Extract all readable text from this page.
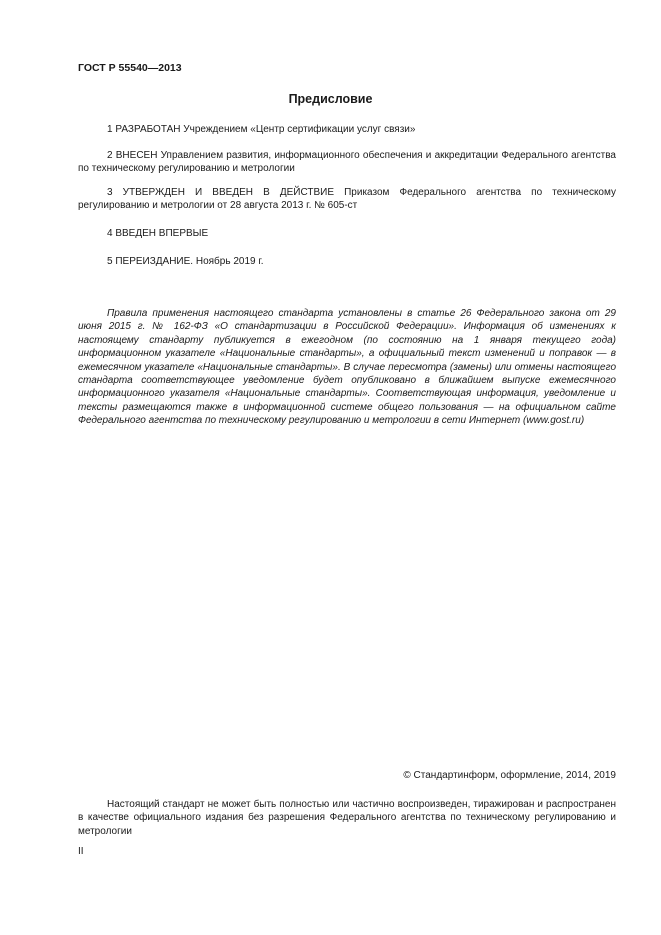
ГОСТ Р 55540—2013
Предисловие
1 РАЗРАБОТАН Учреждением «Центр сертификации услуг связи»
2 ВНЕСЕН Управлением развития, информационного обеспечения и аккредитации Федерального агентства по техническому регулированию и метрологии
3 УТВЕРЖДЕН И ВВЕДЕН В ДЕЙСТВИЕ Приказом Федерального агентства по техническому регулированию и метрологии от 28 августа 2013 г. № 605-ст
4 ВВЕДЕН ВПЕРВЫЕ
5 ПЕРЕИЗДАНИЕ. Ноябрь 2019 г.
Правила применения настоящего стандарта установлены в статье 26 Федерального закона от 29 июня 2015 г. № 162-ФЗ «О стандартизации в Российской Федерации». Информация об изменениях к настоящему стандарту публикуется в ежегодном (по состоянию на 1 января текущего года) информационном указателе «Национальные стандарты», а официальный текст изменений и поправок — в ежемесячном указателе «Национальные стандарты». В случае пересмотра (замены) или отмены настоящего стандарта соответствующее уведомление будет опубликовано в ближайшем выпуске ежемесячного информационного указателя «Национальные стандарты». Соответствующая информация, уведомление и тексты размещаются также в информационной системе общего пользования — на официальном сайте Федерального агентства по техническому регулированию и метрологии в сети Интернет (www.gost.ru)
© Стандартинформ, оформление, 2014, 2019
Настоящий стандарт не может быть полностью или частично воспроизведен, тиражирован и распространен в качестве официального издания без разрешения Федерального агентства по техническому регулированию и метрологии
II
